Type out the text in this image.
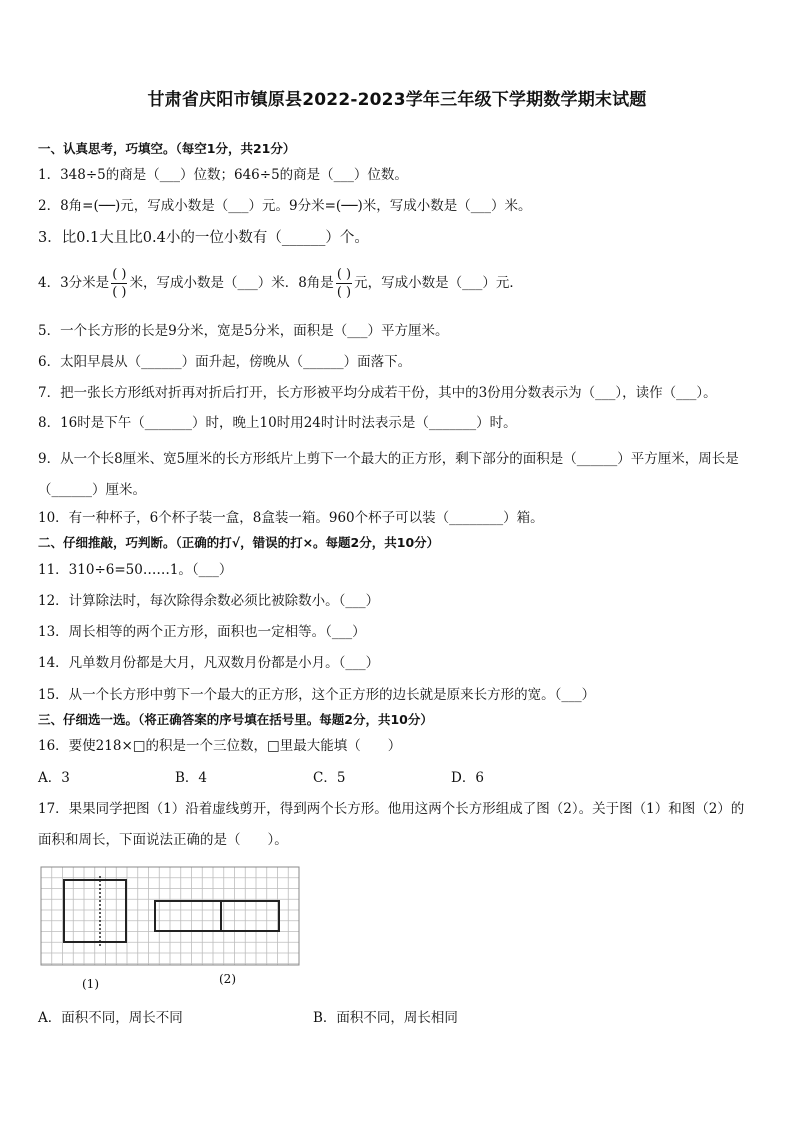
甘肃省庆阳市镇原县2022-2023学年三年级下学期数学期末试题
一、认真思考，巧填空。（每空1分，共21分）
1．348÷5的商是（___）位数；646÷5的商是（___）位数。
2．8角=(──)元，写成小数是（___）元。9分米=(──)米，写成小数是（___）米。
3．比0.1大且比0.4小的一位小数有（______）个。
4．3分米是 $\frac{( )}{( )}$ 米，写成小数是（___）米．8角是 $\frac{( )}{( )}$ 元，写成小数是（___）元．
5．一个长方形的长是9分米，宽是5分米，面积是（___）平方厘米。
6．太阳早晨从（______）面升起，傍晚从（______）面落下。
7．把一张长方形纸对折再对折后打开，长方形被平均分成若干份，其中的3份用分数表示为（___），读作（___）。
8．16时是下午（_______）时，晚上10时用24时计时法表示是（_______）时。
9．从一个长8厘米、宽5厘米的长方形纸片上剪下一个最大的正方形，剩下部分的面积是（______）平方厘米，周长是（______）厘米。
10．有一种杯子，6个杯子装一盒，8盒装一箱。960个杯子可以装（________）箱。
二、仔细推敲，巧判断。（正确的打√，错误的打×。每题2分，共10分）
11．310÷6=50……1。（___）
12．计算除法时，每次除得余数必须比被除数小。（___）
13．周长相等的两个正方形，面积也一定相等。（___）
14．凡单数月份都是大月，凡双数月份都是小月。（___）
15．从一个长方形中剪下一个最大的正方形，这个正方形的边长就是原来长方形的宽。（___）
三、仔细选一选。（将正确答案的序号填在括号里。每题2分，共10分）
16．要使218×□的积是一个三位数，□里最大能填（　　）
A．3	B．4	C．5	D．6
17．果果同学把图（1）沿着虚线剪开，得到两个长方形。他用这两个长方形组成了图（2）。关于图（1）和图（2）的
面积和周长，下面说法正确的是（　　）。
(1)	(2)
A．面积不同，周长不同	B．面积不同，周长相同
